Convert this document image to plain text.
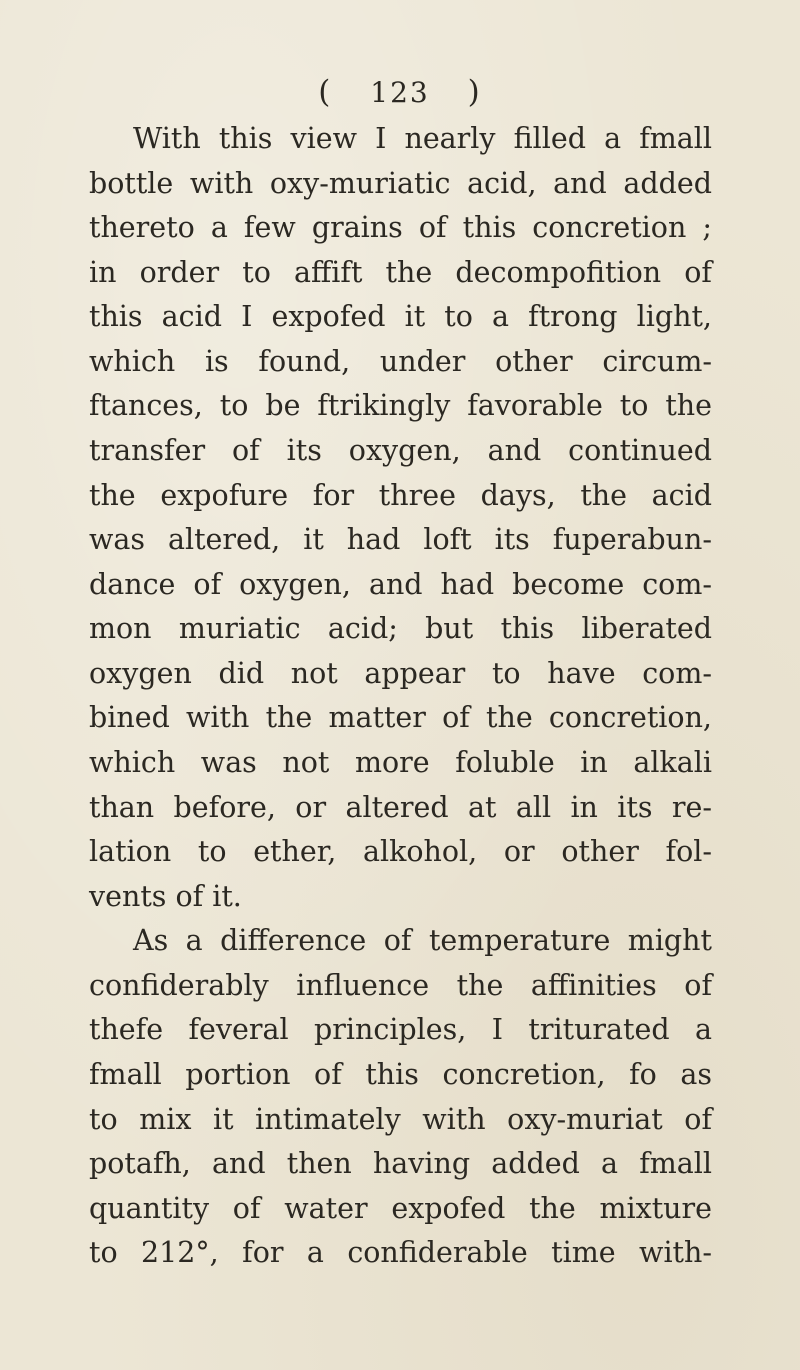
( 123 )
With this view I nearly filled a fmall
bottle with oxy-muriatic acid, and added
thereto a few grains of this concretion ;
in order to affift the decompofition of
this acid I expofed it to a ftrong light,
which is found, under other circum-
ftances, to be ftrikingly favorable to the
transfer of its oxygen, and continued
the expofure for three days, the acid
was altered, it had loft its fuperabun-
dance of oxygen, and had become com-
mon muriatic acid; but this liberated
oxygen did not appear to have com-
bined with the matter of the concretion,
which was not more foluble in alkali
than before, or altered at all in its re-
lation to ether, alkohol, or other fol-
vents of it.
As a difference of temperature might
confiderably influence the affinities of
thefe feveral principles, I triturated a
fmall portion of this concretion, fo as
to mix it intimately with oxy-muriat of
potafh, and then having added a fmall
quantity of water expofed the mixture
to 212°, for a confiderable time with-
